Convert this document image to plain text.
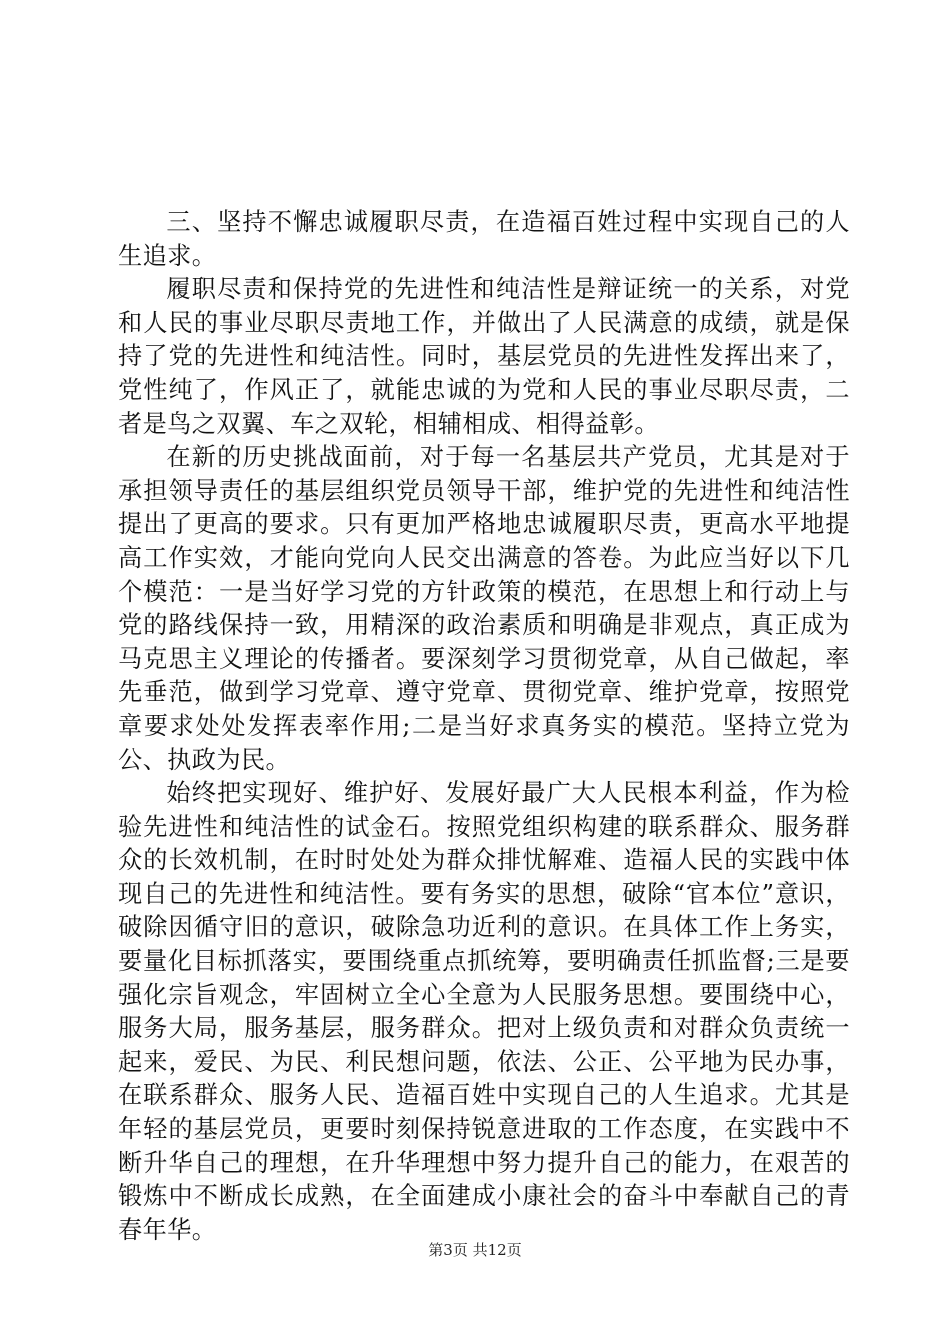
三、坚持不懈忠诚履职尽责，在造福百姓过程中实现自己的人生追求。

履职尽责和保持党的先进性和纯洁性是辩证统一的关系，对党和人民的事业尽职尽责地工作，并做出了人民满意的成绩，就是保持了党的先进性和纯洁性。同时，基层党员的先进性发挥出来了，党性纯了，作风正了，就能忠诚的为党和人民的事业尽职尽责，二者是鸟之双翼、车之双轮，相辅相成、相得益彰。

在新的历史挑战面前，对于每一名基层共产党员，尤其是对于承担领导责任的基层组织党员领导干部，维护党的先进性和纯洁性提出了更高的要求。只有更加严格地忠诚履职尽责，更高水平地提高工作实效，才能向党向人民交出满意的答卷。为此应当好以下几个模范：一是当好学习党的方针政策的模范，在思想上和行动上与党的路线保持一致，用精深的政治素质和明确是非观点，真正成为马克思主义理论的传播者。要深刻学习贯彻党章，从自己做起，率先垂范，做到学习党章、遵守党章、贯彻党章、维护党章，按照党章要求处处发挥表率作用;二是当好求真务实的模范。坚持立党为公、执政为民。

始终把实现好、维护好、发展好最广大人民根本利益，作为检验先进性和纯洁性的试金石。按照党组织构建的联系群众、服务群众的长效机制，在时时处处为群众排忧解难、造福人民的实践中体现自己的先进性和纯洁性。要有务实的思想，破除“官本位”意识，破除因循守旧的意识，破除急功近利的意识。在具体工作上务实，要量化目标抓落实，要围绕重点抓统筹，要明确责任抓监督;三是要强化宗旨观念，牢固树立全心全意为人民服务思想。要围绕中心，服务大局，服务基层，服务群众。把对上级负责和对群众负责统一起来，爱民、为民、利民想问题，依法、公正、公平地为民办事，在联系群众、服务人民、造福百姓中实现自己的人生追求。尤其是年轻的基层党员，更要时刻保持锐意进取的工作态度，在实践中不断升华自己的理想，在升华理想中努力提升自己的能力，在艰苦的锻炼中不断成长成熟，在全面建成小康社会的奋斗中奉献自己的青春年华。

第3页 共12页
